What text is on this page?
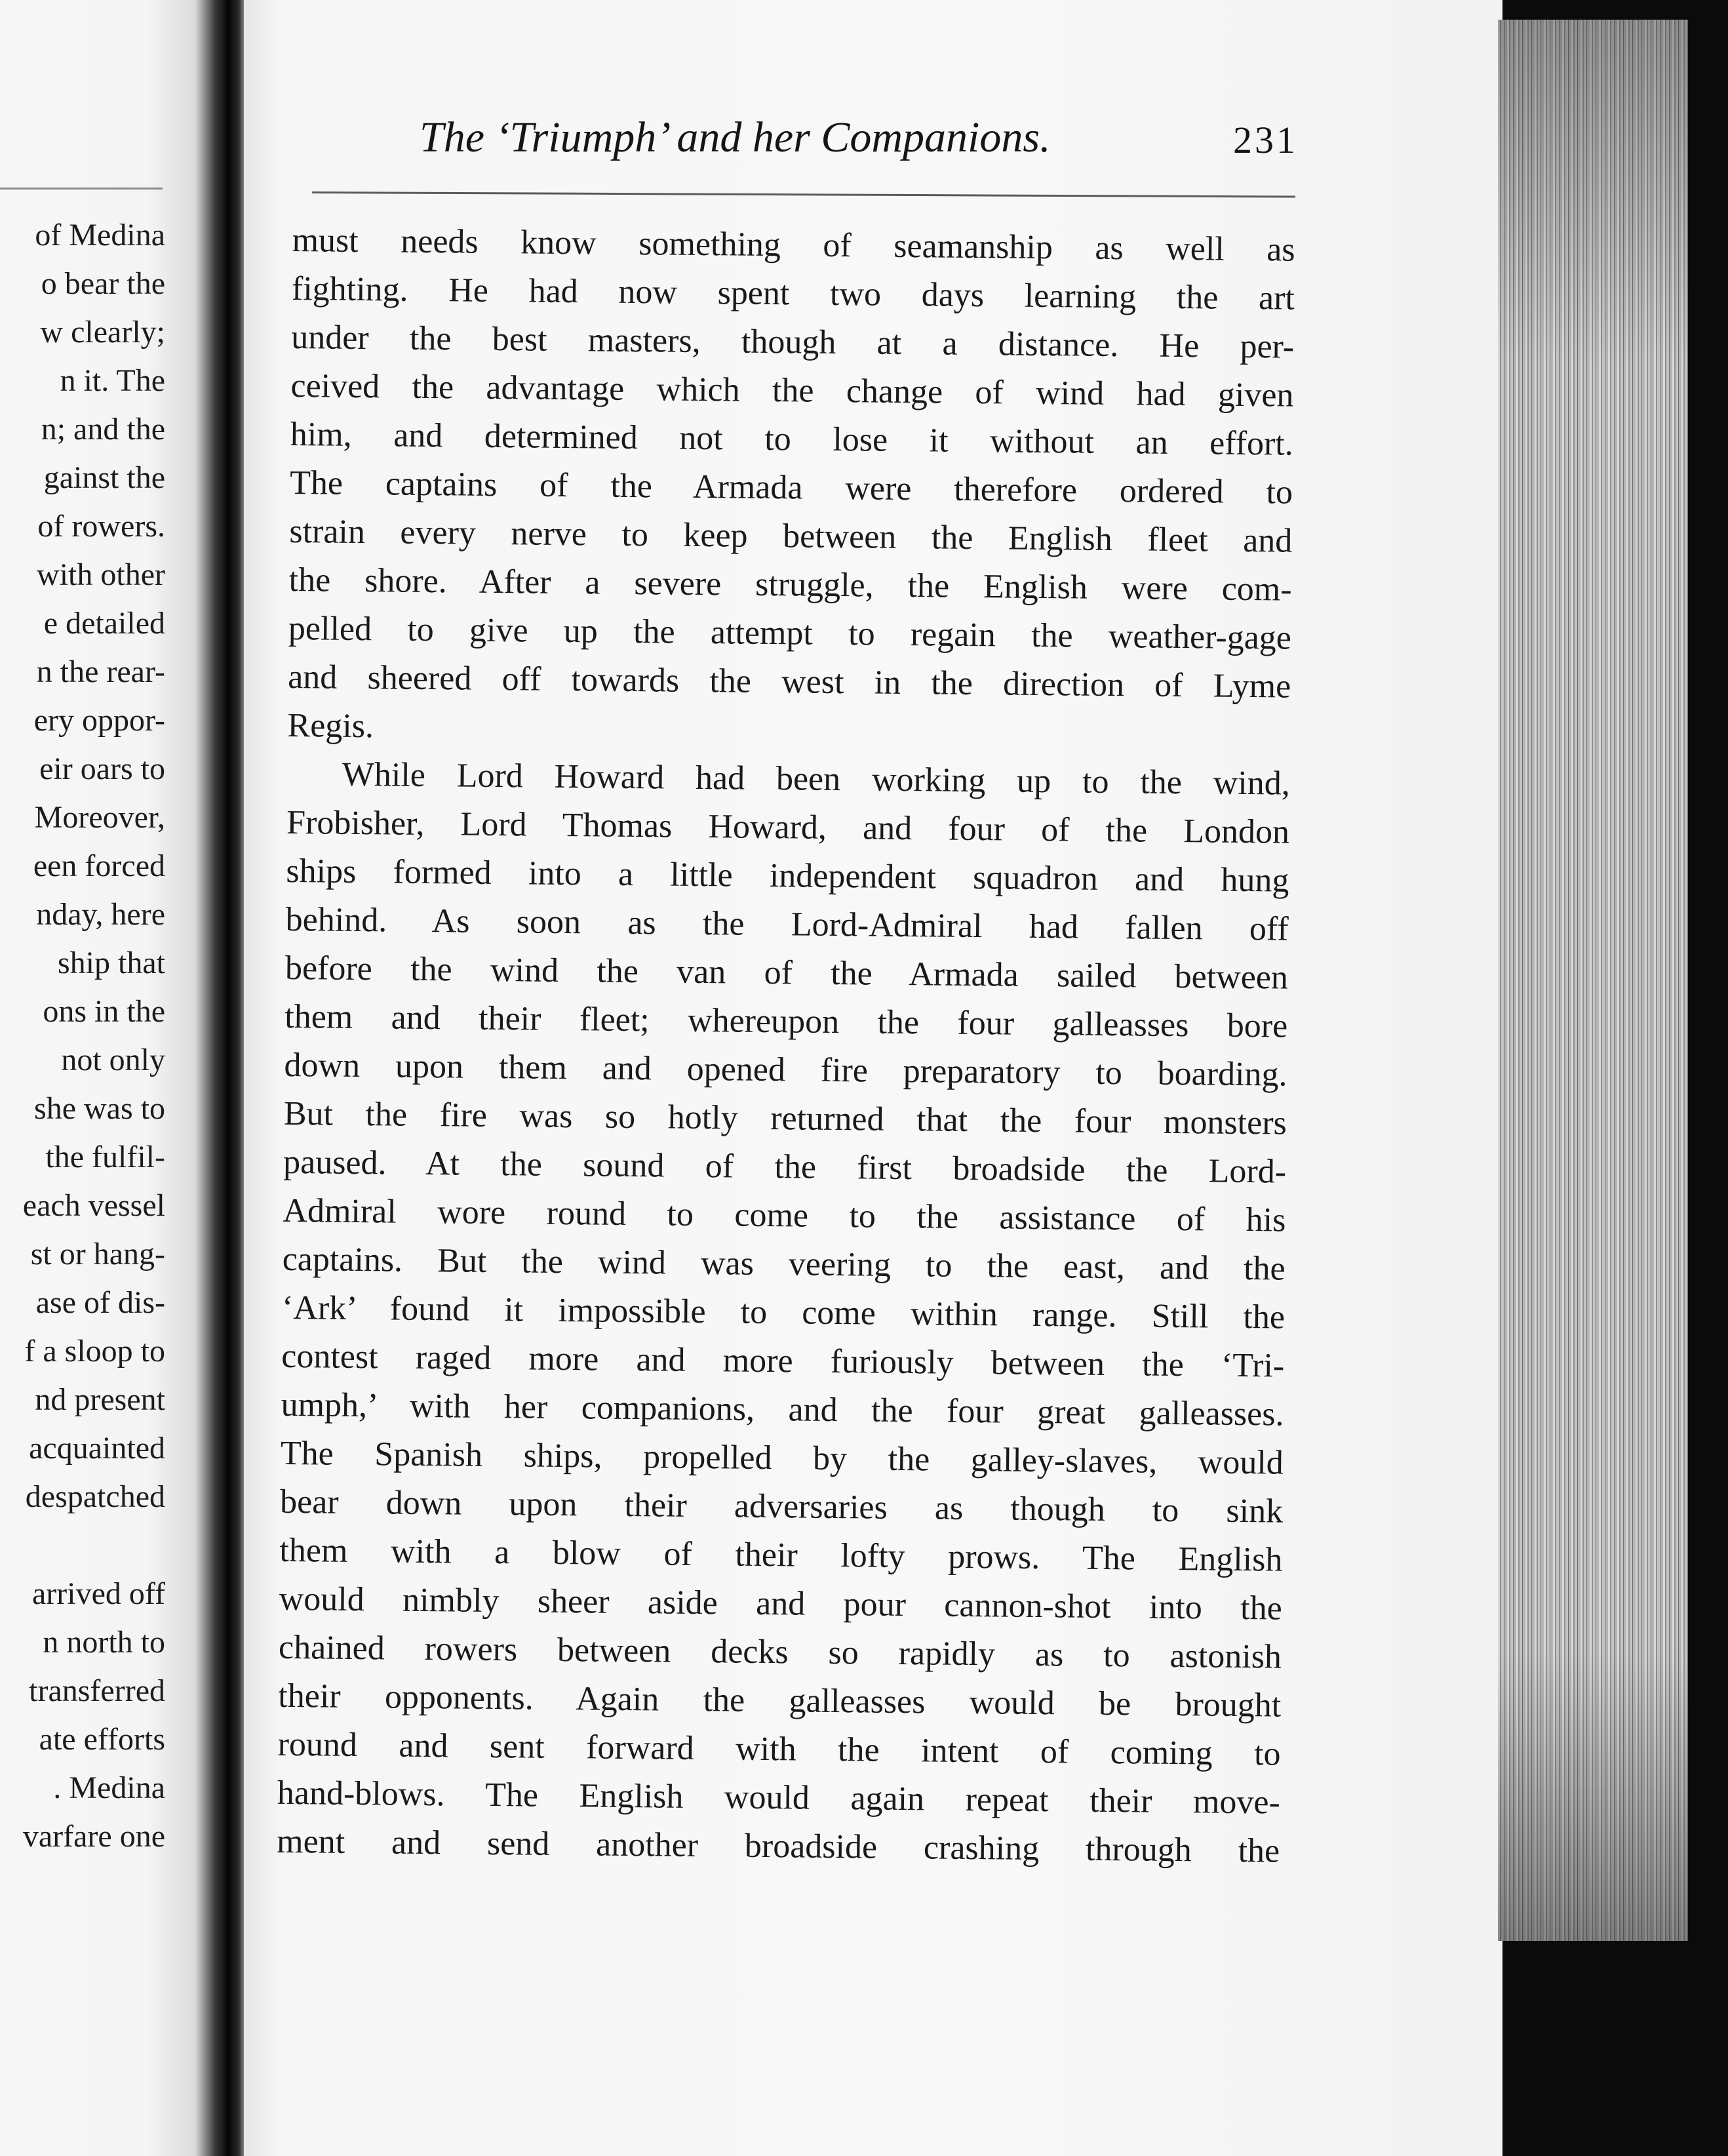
of Medina
o bear the
w clearly;
n it. The
n; and the
gainst the
of rowers.
with other
e detailed
n the rear-
ery oppor-
eir oars to
Moreover,
een forced
nday, here
ship that
ons in the
not only
she was to
the fulfil-
each vessel
st or hang-
ase of dis-
f a sloop to
nd present
acquainted
despatched
arrived off
n north to
transferred
ate efforts
. Medina
varfare one
The ‘Triumph’ and her Companions.	231
must needs know something of seamanship as well as
fighting. He had now spent two days learning the art
under the best masters, though at a distance. He per-
ceived the advantage which the change of wind had given
him, and determined not to lose it without an effort.
The captains of the Armada were therefore ordered to
strain every nerve to keep between the English fleet and
the shore. After a severe struggle, the English were com-
pelled to give up the attempt to regain the weather-gage
and sheered off towards the west in the direction of Lyme
Regis.
While Lord Howard had been working up to the wind,
Frobisher, Lord Thomas Howard, and four of the London
ships formed into a little independent squadron and hung
behind. As soon as the Lord-Admiral had fallen off
before the wind the van of the Armada sailed between
them and their fleet; whereupon the four galleasses bore
down upon them and opened fire preparatory to boarding.
But the fire was so hotly returned that the four monsters
paused. At the sound of the first broadside the Lord-
Admiral wore round to come to the assistance of his
captains. But the wind was veering to the east, and the
‘Ark’ found it impossible to come within range. Still the
contest raged more and more furiously between the ‘Tri-
umph,’ with her companions, and the four great galleasses.
The Spanish ships, propelled by the galley-slaves, would
bear down upon their adversaries as though to sink
them with a blow of their lofty prows. The English
would nimbly sheer aside and pour cannon-shot into the
chained rowers between decks so rapidly as to astonish
their opponents. Again the galleasses would be brought
round and sent forward with the intent of coming to
hand-blows. The English would again repeat their move-
ment and send another broadside crashing through the
